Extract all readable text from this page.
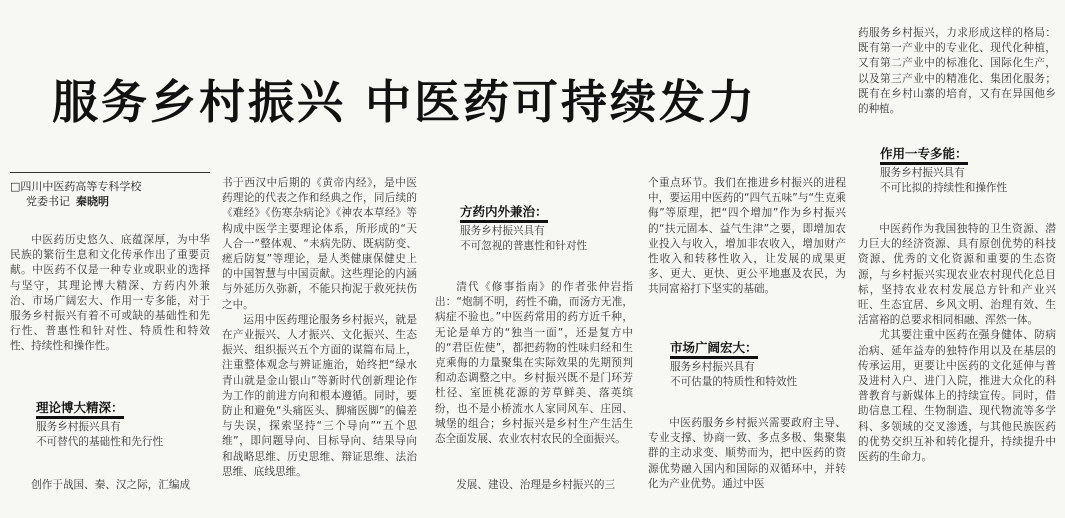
服务乡村振兴 中医药可持续发力
□四川中医药高等专科学校
党委书记 秦晓明

中医药历史悠久、底蕴深厚，为中华民族的繁衍生息和文化传承作出了重要贡献。中医药不仅是一种专业或职业的选择与坚守，其理论博大精深、方药内外兼治、市场广阔宏大、作用一专多能，对于服务乡村振兴有着不可或缺的基础性和先行性、普惠性和针对性、特质性和特效性、持续性和操作性。

理论博大精深：
服务乡村振兴具有
不可替代的基础性和先行性

创作于战国、秦、汉之际，汇编成

书于西汉中后期的《黄帝内经》，是中医药理论的代表之作和经典之作，同后续的《难经》《伤寒杂病论》《神农本草经》等构成中医学主要理论体系，所形成的“天人合一”整体观、“未病先防、既病防变、瘥后防复”等理论，是人类健康保健史上的中国智慧与中国贡献。这些理论的内涵与外延历久弥新，不能只拘泥于救死扶伤之中。

运用中医药理论服务乡村振兴，就是在产业振兴、人才振兴、文化振兴、生态振兴、组织振兴五个方面的谋篇布局上，注重整体观念与辨证施治，始终把“绿水青山就是金山银山”等新时代创新理论作为工作的前进方向和根本遵循。同时，要防止和避免“头痛医头、脚痛医脚”的偏差与失误，探索坚持“三个导向”“五个思维”，即问题导向、目标导向、结果导向和战略思维、历史思维、辩证思维、法治思维、底线思维。

方药内外兼治：
服务乡村振兴具有
不可忽视的普惠性和针对性

清代《修事指南》的作者张仲岩指出：“炮制不明，药性不确，而汤方无准，病症不验也。”中医药常用的药方近千种，无论是单方的“独当一面”，还是复方中的“君臣佐使”，都把药物的性味归经和生克乘侮的力量聚集在实际效果的先期预判和动态调整之中。乡村振兴既不是门环芳杜径、室匝桃花源的芳草鲜美、落英缤纷，也不是小桥流水人家同风车、庄园、城堡的组合；乡村振兴是乡村生产生活生态全面发展、农业农村农民的全面振兴。

发展、建设、治理是乡村振兴的三

个重点环节。我们在推进乡村振兴的进程中，要运用中医药的“四气五味”与“生克乘侮”等原理，把“四个增加”作为乡村振兴的“扶元固本、益气生津”之要，即增加农业投入与收入，增加非农收入，增加财产性收入和转移性收入，让发展的成果更多、更大、更快、更公平地惠及农民，为共同富裕打下坚实的基础。

市场广阔宏大：
服务乡村振兴具有
不可估量的特质性和特效性

中医药服务乡村振兴需要政府主导、专业支撑、协商一致、多点多极、集聚集群的主动求变、顺势而为，把中医药的资源优势融入国内和国际的双循环中，并转化为产业优势。通过中医

药服务乡村振兴，力求形成这样的格局：既有第一产业中的专业化、现代化种植，又有第二产业中的标准化、国际化生产，以及第三产业中的精准化、集团化服务；既有在乡村山寨的培育，又有在异国他乡的种植。

作用一专多能：
服务乡村振兴具有
不可比拟的持续性和操作性

中医药作为我国独特的卫生资源、潜力巨大的经济资源、具有原创优势的科技资源、优秀的文化资源和重要的生态资源，与乡村振兴实现农业农村现代化总目标，坚持农业农村发展总方针和产业兴旺、生态宜居、乡风文明、治理有效、生活富裕的总要求相同相融、浑然一体。

尤其要注重中医药在强身健体、防病治病、延年益寿的独特作用以及在基层的传承运用，更要让中医药的文化延伸与普及进村入户、进门入院，推进大众化的科普教育与新媒体上的持续宣传。同时，借助信息工程、生物制造、现代物流等多学科、多领域的交叉渗透，与其他民族医药的优势交织互补和转化提升，持续提升中医药的生命力。
